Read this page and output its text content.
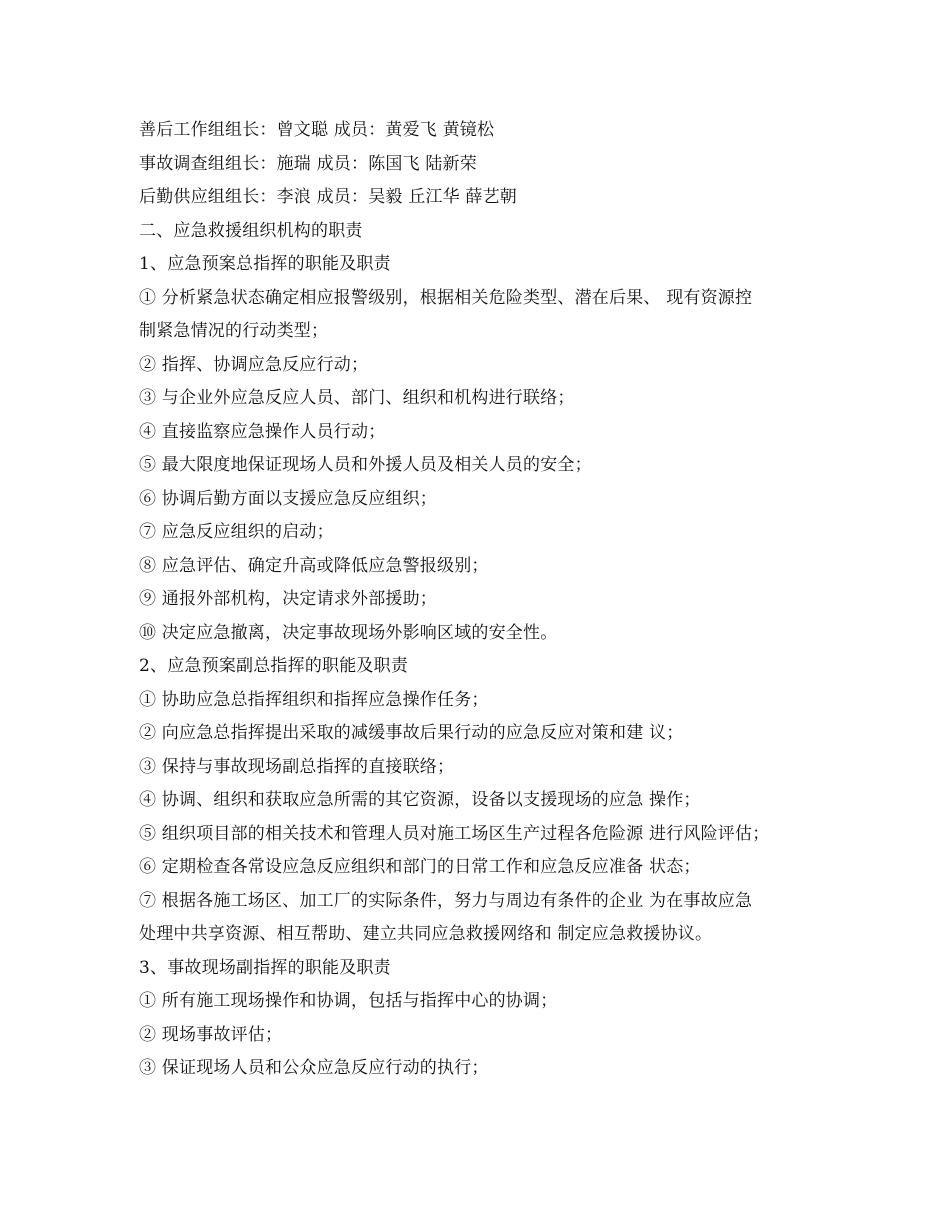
善后工作组组长：曾文聪 成员：黄爱飞 黄镜松
事故调查组组长：施瑞 成员：陈国飞 陆新荣
后勤供应组组长：李浪 成员：吴毅 丘江华 薛艺朝
二、应急救援组织机构的职责
1、应急预案总指挥的职能及职责
① 分析紧急状态确定相应报警级别，根据相关危险类型、潜在后果、 现有资源控
制紧急情况的行动类型；
② 指挥、协调应急反应行动；
③ 与企业外应急反应人员、部门、组织和机构进行联络；
④ 直接监察应急操作人员行动；
⑤ 最大限度地保证现场人员和外援人员及相关人员的安全；
⑥ 协调后勤方面以支援应急反应组织；
⑦ 应急反应组织的启动；
⑧ 应急评估、确定升高或降低应急警报级别；
⑨ 通报外部机构，决定请求外部援助；
⑩ 决定应急撤离，决定事故现场外影响区域的安全性。
2、应急预案副总指挥的职能及职责
① 协助应急总指挥组织和指挥应急操作任务；
② 向应急总指挥提出采取的减缓事故后果行动的应急反应对策和建 议；
③ 保持与事故现场副总指挥的直接联络；
④ 协调、组织和获取应急所需的其它资源，设备以支援现场的应急 操作；
⑤ 组织项目部的相关技术和管理人员对施工场区生产过程各危险源 进行风险评估；
⑥ 定期检查各常设应急反应组织和部门的日常工作和应急反应准备 状态；
⑦ 根据各施工场区、加工厂的实际条件，努力与周边有条件的企业 为在事故应急
处理中共享资源、相互帮助、建立共同应急救援网络和 制定应急救援协议。
3、事故现场副指挥的职能及职责
① 所有施工现场操作和协调，包括与指挥中心的协调；
② 现场事故评估；
③ 保证现场人员和公众应急反应行动的执行；
